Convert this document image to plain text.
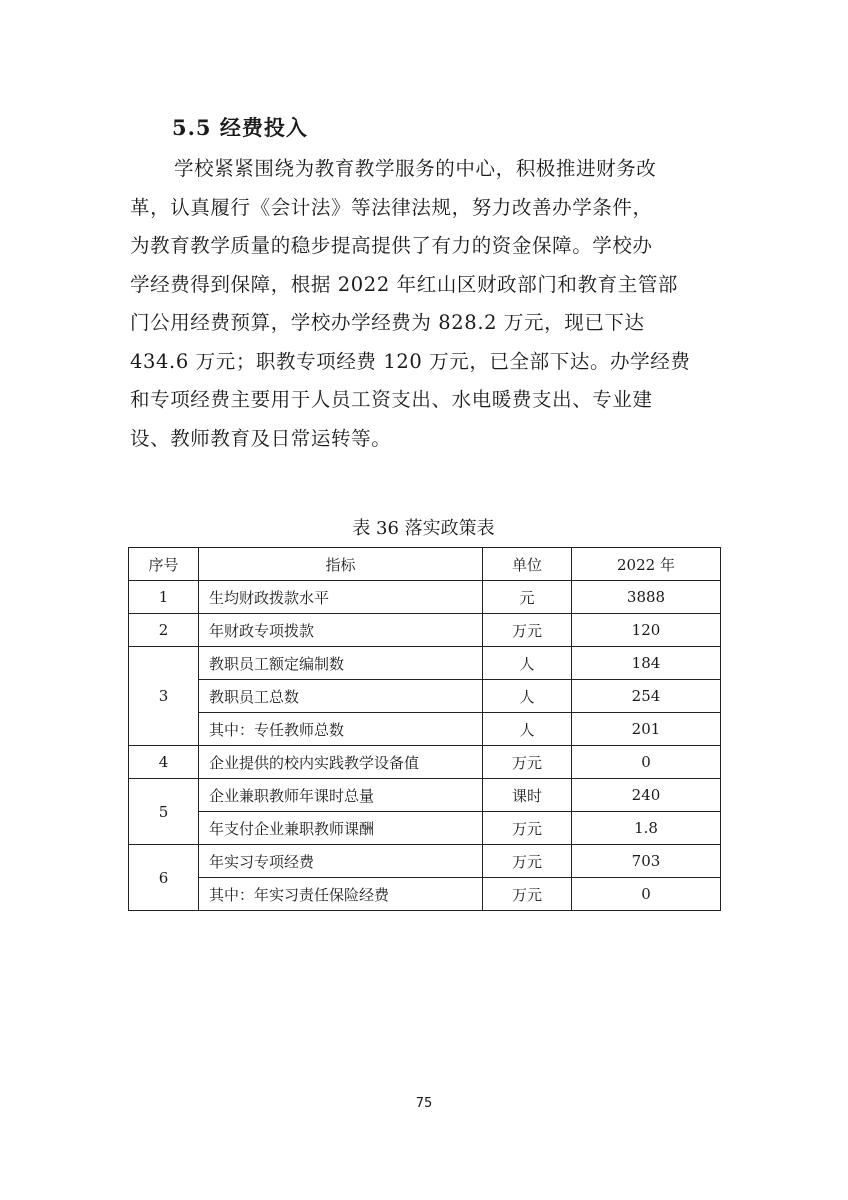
5.5 经费投入
学校紧紧围绕为教育教学服务的中心，积极推进财务改
革，认真履行《会计法》等法律法规，努力改善办学条件，
为教育教学质量的稳步提高提供了有力的资金保障。学校办
学经费得到保障，根据 2022 年红山区财政部门和教育主管部
门公用经费预算，学校办学经费为 828.2 万元，现已下达
434.6 万元；职教专项经费 120 万元，已全部下达。办学经费
和专项经费主要用于人员工资支出、水电暖费支出、专业建
设、教师教育及日常运转等。

表 36 落实政策表

序号	指标	单位	2022 年
1	生均财政拨款水平	元	3888
2	年财政专项拨款	万元	120
3	教职员工额定编制数	人	184
	教职员工总数	人	254
	其中：专任教师总数	人	201
4	企业提供的校内实践教学设备值	万元	0
5	企业兼职教师年课时总量	课时	240
	年支付企业兼职教师课酬	万元	1.8
6	年实习专项经费	万元	703
	其中：年实习责任保险经费	万元	0

75
